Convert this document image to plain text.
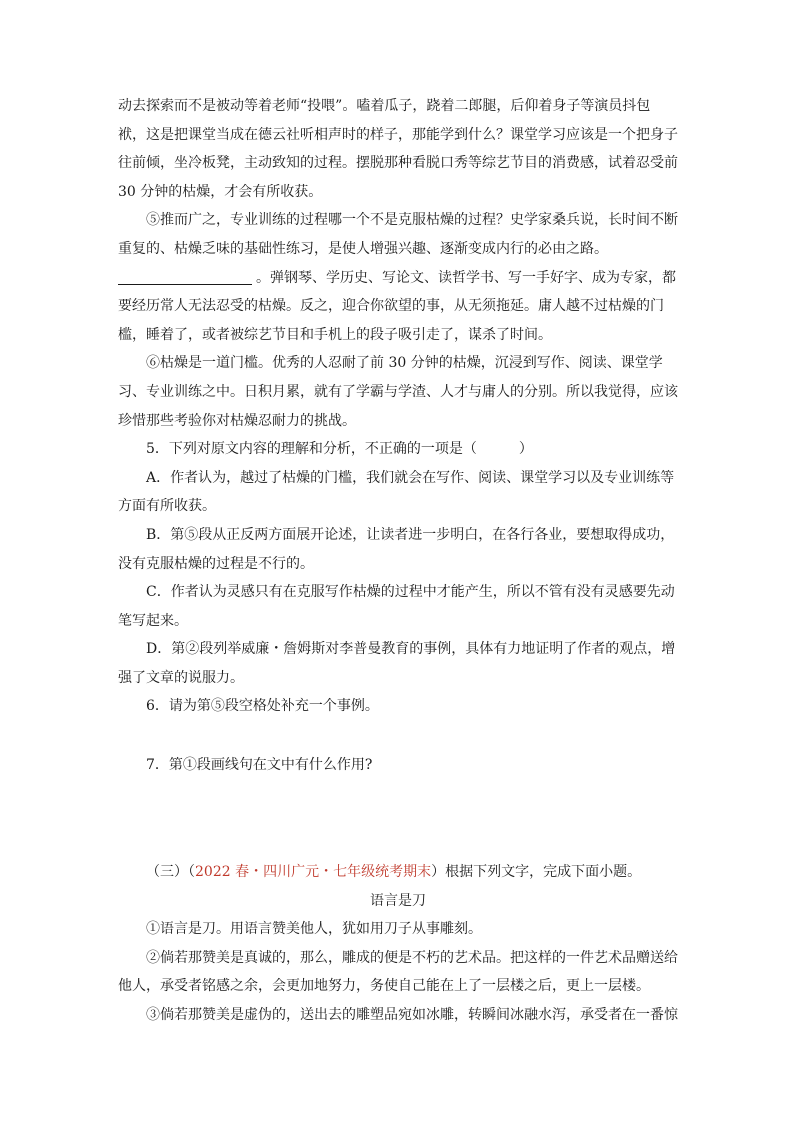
动去探索而不是被动等着老师“投喂”。嗑着瓜子，跷着二郎腿，后仰着身子等演员抖包袱，这是把课堂当成在德云社听相声时的样子，那能学到什么？课堂学习应该是一个把身子往前倾，坐冷板凳，主动致知的过程。摆脱那种看脱口秀等综艺节目的消费感，试着忍受前 30 分钟的枯燥，才会有所收获。

⑤推而广之，专业训练的过程哪一个不是克服枯燥的过程？史学家桑兵说，长时间不断重复的、枯燥乏味的基础性练习，是使人增强兴趣、逐渐变成内行的必由之路。。弹钢琴、学历史、写论文、读哲学书、写一手好字、成为专家，都要经历常人无法忍受的枯燥。反之，迎合你欲望的事，从无须拖延。庸人越不过枯燥的门槛，睡着了，或者被综艺节目和手机上的段子吸引走了，谋杀了时间。

⑥枯燥是一道门槛。优秀的人忍耐了前 30 分钟的枯燥，沉浸到写作、阅读、课堂学习、专业训练之中。日积月累，就有了学霸与学渣、人才与庸人的分别。所以我觉得，应该珍惜那些考验你对枯燥忍耐力的挑战。

5．下列对原文内容的理解和分析，不正确的一项是（　　　）

A．作者认为，越过了枯燥的门槛，我们就会在写作、阅读、课堂学习以及专业训练等方面有所收获。

B．第⑤段从正反两方面展开论述，让读者进一步明白，在各行各业，要想取得成功，没有克服枯燥的过程是不行的。

C．作者认为灵感只有在克服写作枯燥的过程中才能产生，所以不管有没有灵感要先动笔写起来。

D．第②段列举威廉・詹姆斯对李普曼教育的事例，具体有力地证明了作者的观点，增强了文章的说服力。

6．请为第⑤段空格处补充一个事例。

7．第①段画线句在文中有什么作用?

（三）（2022 春・四川广元・七年级统考期末）根据下列文字，完成下面小题。

语言是刀

①语言是刀。用语言赞美他人，犹如用刀子从事雕刻。

②倘若那赞美是真诚的，那么，雕成的便是不朽的艺术品。把这样的一件艺术品赠送给他人，承受者铭感之余，会更加地努力，务使自己能在上了一层楼之后，更上一层楼。

③倘若那赞美是虚伪的，送出去的雕塑品宛如冰雕，转瞬间冰融水泻，承受者在一番惊
